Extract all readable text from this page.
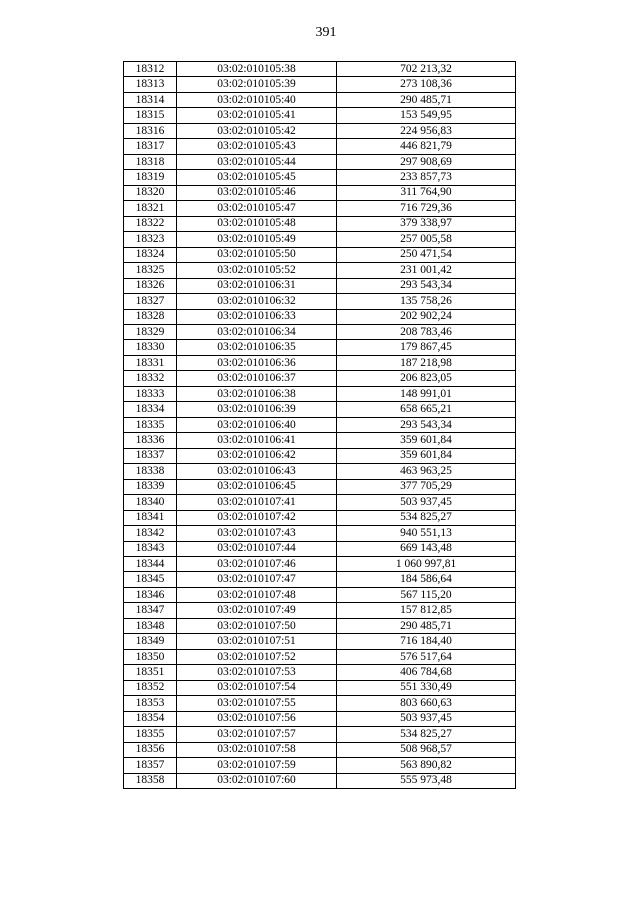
391
18312	03:02:010105:38	702 213,32
18313	03:02:010105:39	273 108,36
18314	03:02:010105:40	290 485,71
18315	03:02:010105:41	153 549,95
18316	03:02:010105:42	224 956,83
18317	03:02:010105:43	446 821,79
18318	03:02:010105:44	297 908,69
18319	03:02:010105:45	233 857,73
18320	03:02:010105:46	311 764,90
18321	03:02:010105:47	716 729,36
18322	03:02:010105:48	379 338,97
18323	03:02:010105:49	257 005,58
18324	03:02:010105:50	250 471,54
18325	03:02:010105:52	231 001,42
18326	03:02:010106:31	293 543,34
18327	03:02:010106:32	135 758,26
18328	03:02:010106:33	202 902,24
18329	03:02:010106:34	208 783,46
18330	03:02:010106:35	179 867,45
18331	03:02:010106:36	187 218,98
18332	03:02:010106:37	206 823,05
18333	03:02:010106:38	148 991,01
18334	03:02:010106:39	658 665,21
18335	03:02:010106:40	293 543,34
18336	03:02:010106:41	359 601,84
18337	03:02:010106:42	359 601,84
18338	03:02:010106:43	463 963,25
18339	03:02:010106:45	377 705,29
18340	03:02:010107:41	503 937,45
18341	03:02:010107:42	534 825,27
18342	03:02:010107:43	940 551,13
18343	03:02:010107:44	669 143,48
18344	03:02:010107:46	1 060 997,81
18345	03:02:010107:47	184 586,64
18346	03:02:010107:48	567 115,20
18347	03:02:010107:49	157 812,85
18348	03:02:010107:50	290 485,71
18349	03:02:010107:51	716 184,40
18350	03:02:010107:52	576 517,64
18351	03:02:010107:53	406 784,68
18352	03:02:010107:54	551 330,49
18353	03:02:010107:55	803 660,63
18354	03:02:010107:56	503 937,45
18355	03:02:010107:57	534 825,27
18356	03:02:010107:58	508 968,57
18357	03:02:010107:59	563 890,82
18358	03:02:010107:60	555 973,48
